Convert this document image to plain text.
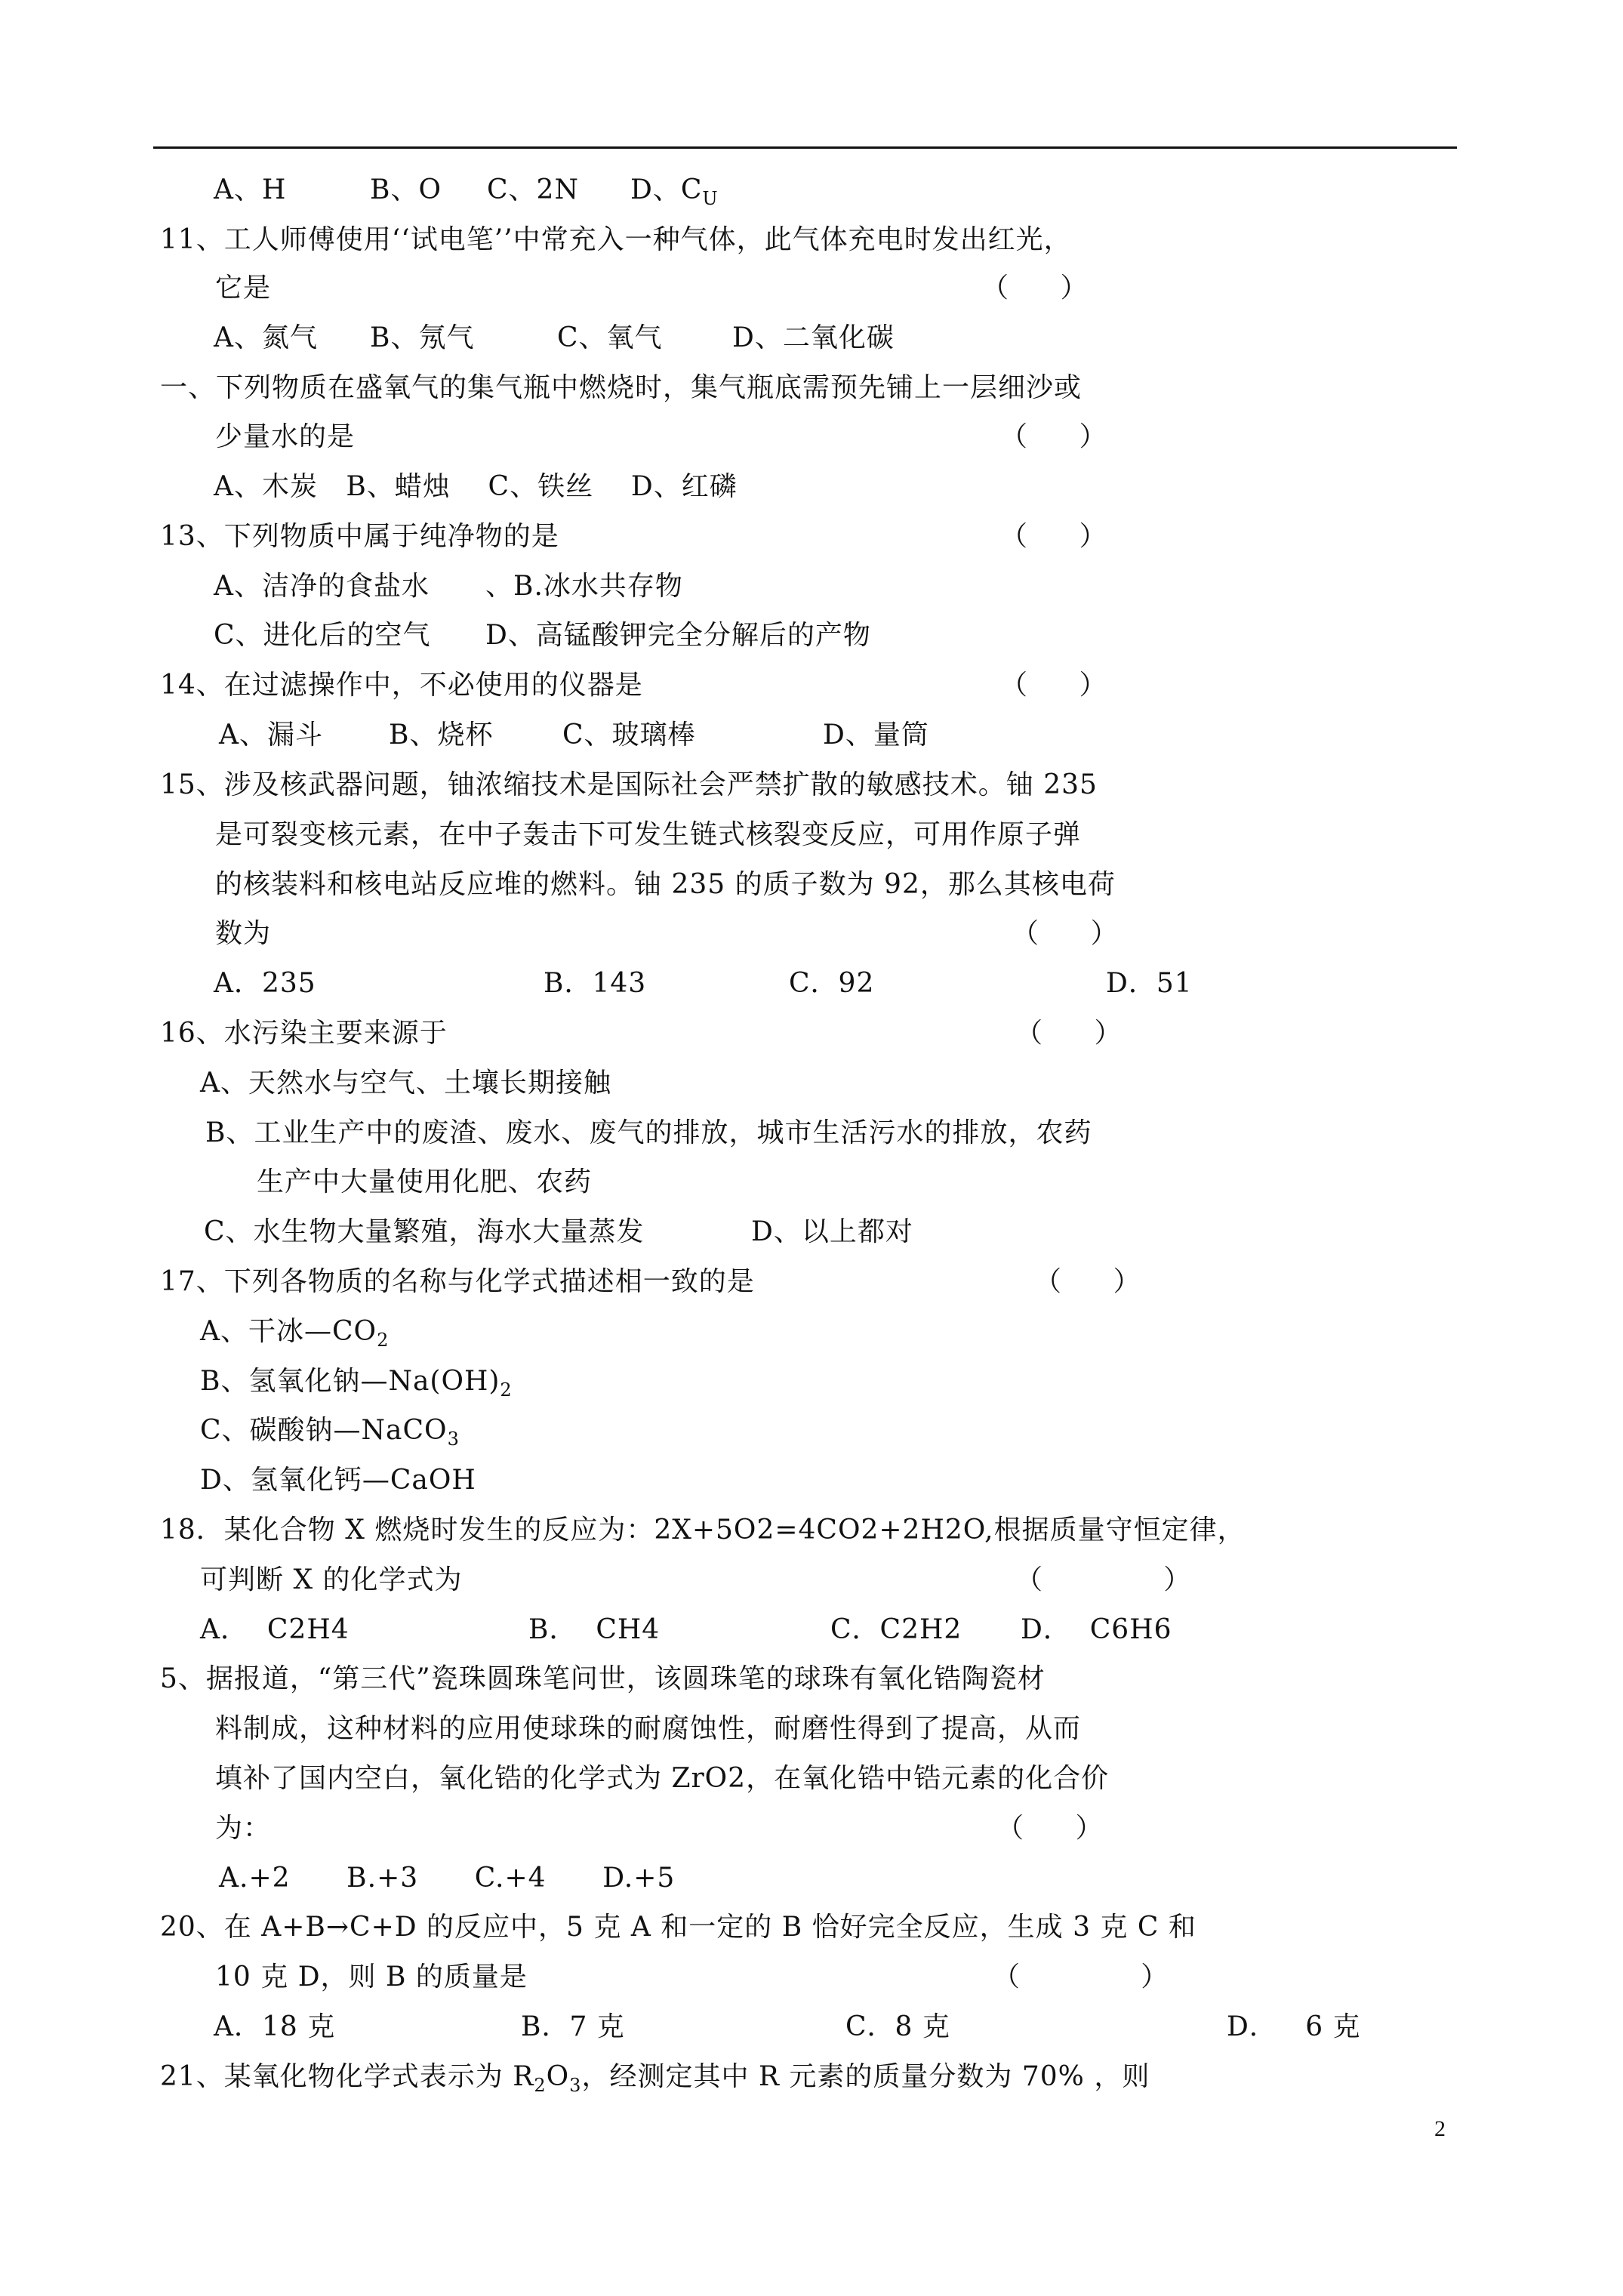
A、H	B、O C、2N D、$C_U$
11、工人师傅使用‘‘试电笔’’中常充入一种气体，此气体充电时发出红光，
它是	（      ）
A、氮气 B、氖气	C、氧气	D、二氧化碳
一、下列物质在盛氧气的集气瓶中燃烧时，集气瓶底需预先铺上一层细沙或
少量水的是	（      ）
A、木炭   B、蜡烛    C、铁丝    D、红磷
13、下列物质中属于纯净物的是	（      ）
A、洁净的食盐水 、B.冰水共存物
C、进化后的空气 D、高锰酸钾完全分解后的产物
14、在过滤操作中，不必使用的仪器是	（      ）
A、漏斗 B、烧杯	C、玻璃棒	D、量筒
15、涉及核武器问题，铀浓缩技术是国际社会严禁扩散的敏感技术。铀 235
是可裂变核元素，在中子轰击下可发生链式核裂变反应，可用作原子弹
的核装料和核电站反应堆的燃料。铀 235 的质子数为 92，那么其核电荷
数为	（      ）
A．235	B．143	C．92	D．51
16、水污染主要来源于	（      ）
A、天然水与空气、土壤长期接触
B、工业生产中的废渣、废水、废气的排放，城市生活污水的排放，农药
生产中大量使用化肥、农药
C、水生物大量繁殖，海水大量蒸发	D、以上都对
17、下列各物质的名称与化学式描述相一致的是	（      ）
A、干冰$—CO_2$
B、氢氧化钠$—Na(OH)_2$
C、碳酸钠—NaCO$_3$
D、氢氧化钙—CaOH
18．某化合物 X 燃烧时发生的反应为：2X+5O2=4CO2+2H2O,根据质量守恒定律，
可判断 X 的化学式为	（              ）
A．  C2H4	B．  CH4	C．C2H2 D．  C6H6
5、据报道，“第三代”瓷珠圆珠笔问世，该圆珠笔的球珠有氧化锆陶瓷材
料制成，这种材料的应用使球珠的耐腐蚀性，耐磨性得到了提高，从而
填补了国内空白，氧化锆的化学式为 ZrO2，在氧化锆中锆元素的化合价
为：	（      ）
A.+2      B.+3      C.+4      D.+5
20、在 A+B→C+D 的反应中，5 克 A 和一定的 B 恰好完全反应，生成 3 克 C 和
10 克 D，则 B 的质量是	（              ）
A．18 克	B．7 克	C．8 克	D．   6 克
21、某氧化物化学式表示为 $R_2O_3$，经测定其中 R 元素的质量分数为 70% ，则
2
